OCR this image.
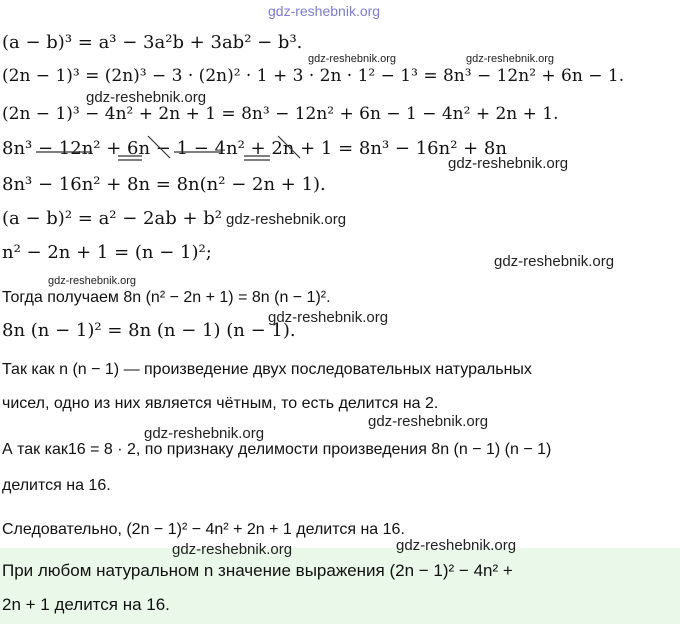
gdz-reshebnik.org
(a − b)³ = a³ − 3a²b + 3ab² − b³.
(2n − 1)³ = (2n)³ − 3 · (2n)² · 1 + 3 · 2n · 1² − 1³ = 8n³ − 12n² + 6n − 1.
(2n − 1)³ − 4n² + 2n + 1 = 8n³ − 12n² + 6n − 1 − 4n² + 2n + 1.
8n³ − 12n² + 6n − 1 − 4n² + 2n + 1 = 8n³ − 16n² + 8n
8n³ − 16n² + 8n = 8n(n² − 2n + 1).
(a − b)² = a² − 2ab + b²
n² − 2n + 1 = (n − 1)²;
Тогда получаем 8n (n² − 2n + 1) = 8n (n − 1)².
8n (n − 1)² = 8n (n − 1) (n − 1).
Так как n (n − 1) — произведение двух последовательных натуральных
чисел, одно из них является чётным, то есть делится на 2.
А так как16 = 8 · 2, по признаку делимости произведения 8n (n − 1) (n − 1)
делится на 16.
Следовательно, (2n − 1)² − 4n² + 2n + 1 делится на 16.
При любом натуральном n значение выражения (2n − 1)² − 4n² +
2n + 1 делится на 16.
gdz-reshebnik.org	gdz-reshebnik.org
gdz-reshebnik.org
gdz-reshebnik.org
gdz-reshebnik.org
gdz-reshebnik.org
gdz-reshebnik.org
gdz-reshebnik.org
gdz-reshebnik.org
gdz-reshebnik.org
gdz-reshebnik.org
gdz-reshebnik.org
